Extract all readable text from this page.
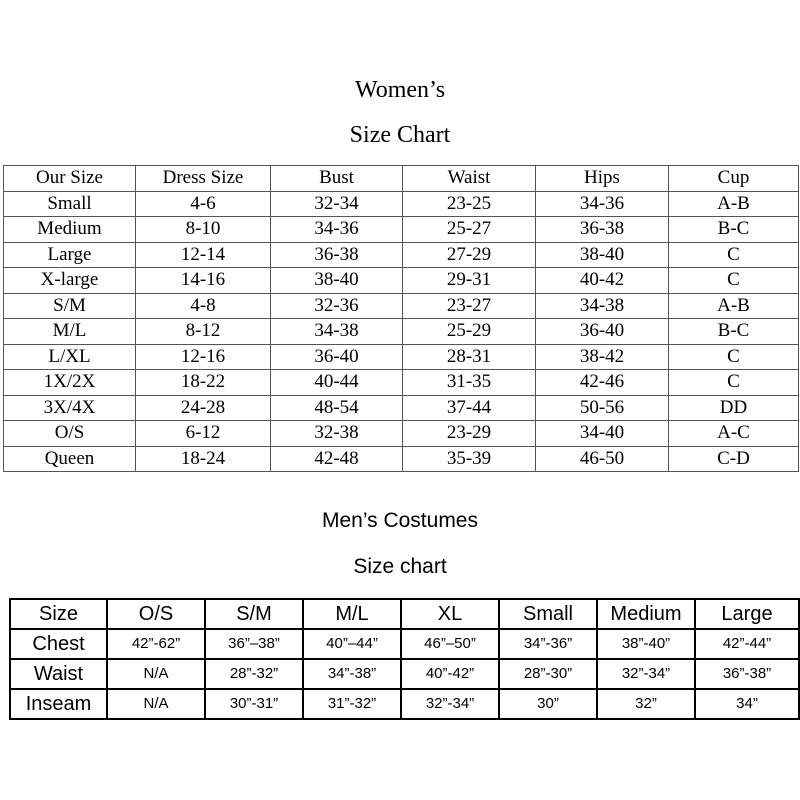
Women’s
Size Chart
Our Size	Dress Size	Bust	Waist	Hips	Cup
Small	4-6	32-34	23-25	34-36	A-B
Medium	8-10	34-36	25-27	36-38	B-C
Large	12-14	36-38	27-29	38-40	C
X-large	14-16	38-40	29-31	40-42	C
S/M	4-8	32-36	23-27	34-38	A-B
M/L	8-12	34-38	25-29	36-40	B-C
L/XL	12-16	36-40	28-31	38-42	C
1X/2X	18-22	40-44	31-35	42-46	C
3X/4X	24-28	48-54	37-44	50-56	DD
O/S	6-12	32-38	23-29	34-40	A-C
Queen	18-24	42-48	35-39	46-50	C-D
Men’s Costumes
Size chart
Size	O/S	S/M	M/L	XL	Small	Medium	Large
Chest	42”-62”	36”–38”	40”–44”	46”–50”	34”-36”	38”-40”	42”-44”
Waist	N/A	28”-32”	34”-38”	40”-42”	28”-30”	32”-34”	36”-38”
Inseam	N/A	30”-31”	31”-32”	32”-34”	30”	32”	34”
